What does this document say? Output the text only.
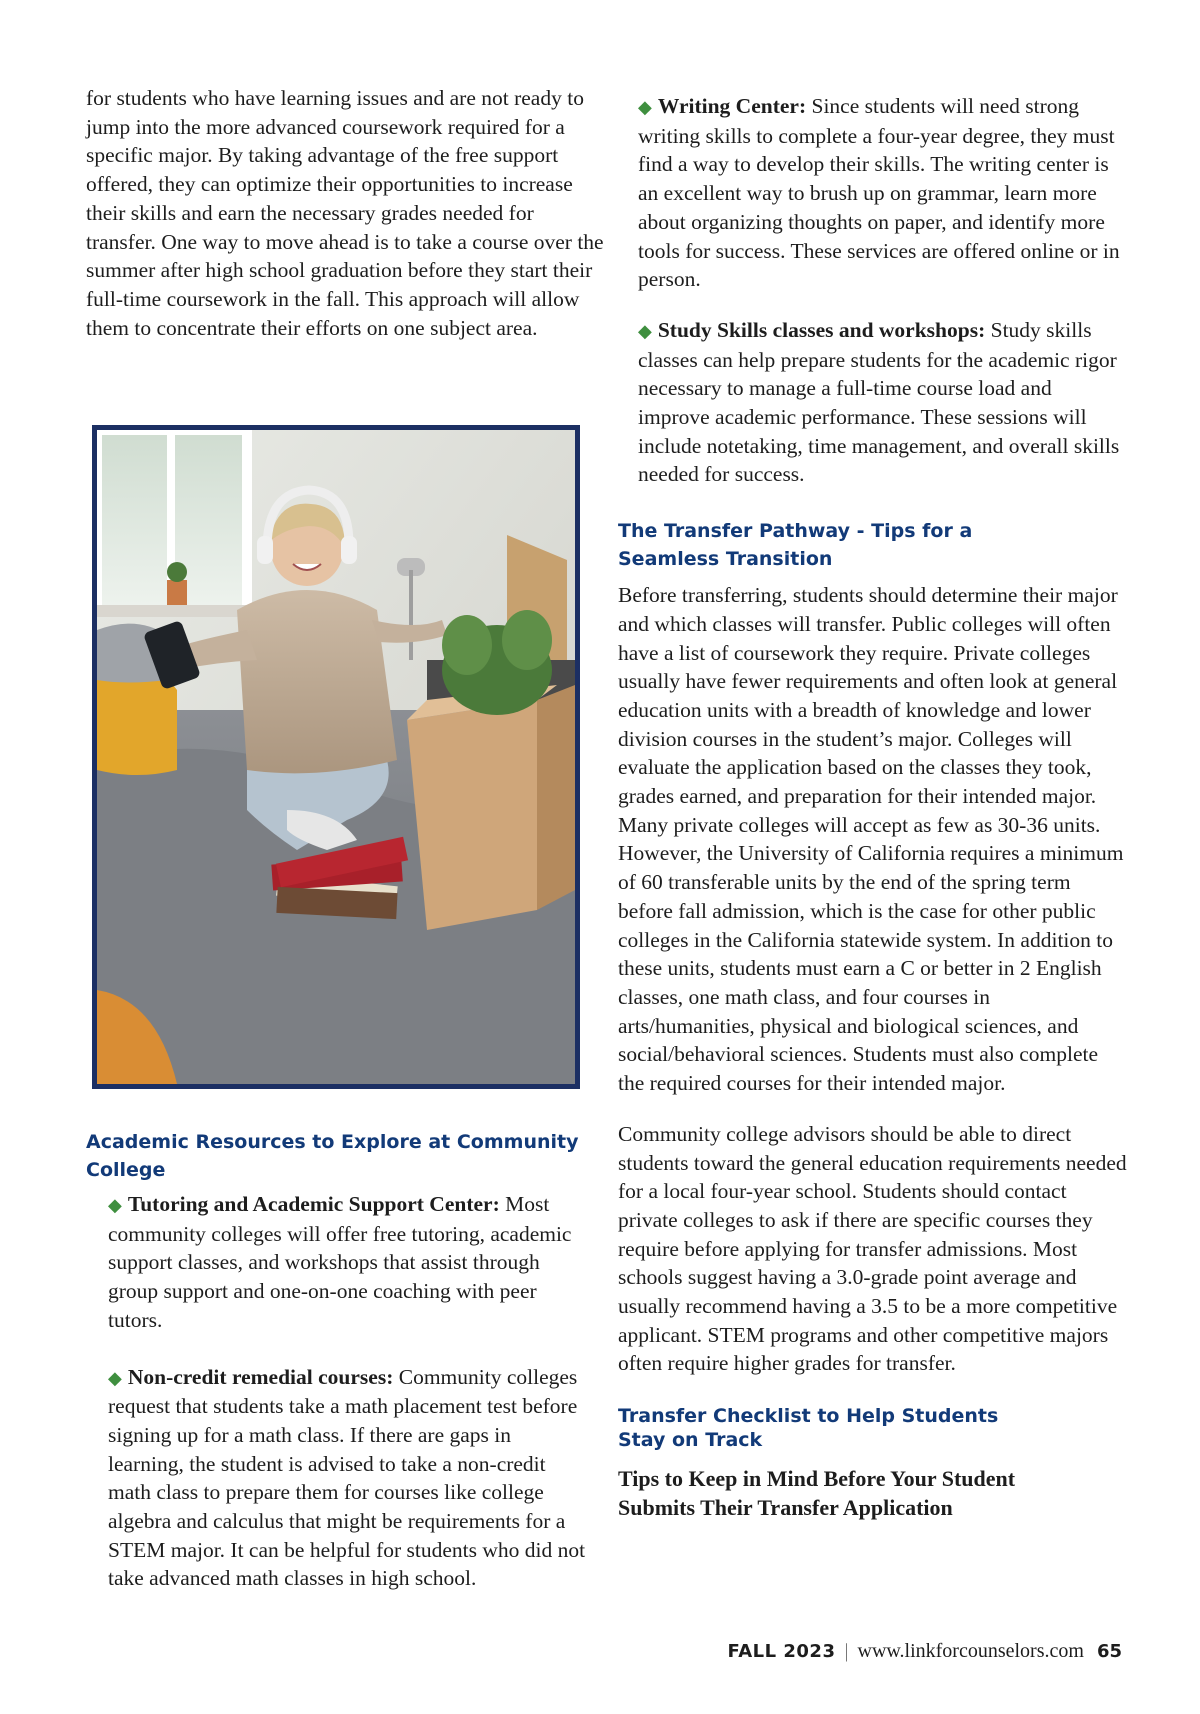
for students who have learning issues and are not ready to jump into the more advanced coursework required for a specific major. By taking advantage of the free support offered, they can optimize their opportunities to increase their skills and earn the necessary grades needed for transfer. One way to move ahead is to take a course over the summer after high school graduation before they start their full-time coursework in the fall. This approach will allow them to concentrate their efforts on one subject area.

Academic Resources to Explore at Community College
◆ Tutoring and Academic Support Center: Most community colleges will offer free tutoring, academic support classes, and workshops that assist through group support and one-on-one coaching with peer tutors.
◆ Non-credit remedial courses: Community colleges request that students take a math placement test before signing up for a math class. If there are gaps in learning, the student is advised to take a non-credit math class to prepare them for courses like college algebra and calculus that might be requirements for a STEM major. It can be helpful for students who did not take advanced math classes in high school.
◆ Writing Center: Since students will need strong writing skills to complete a four-year degree, they must find a way to develop their skills. The writing center is an excellent way to brush up on grammar, learn more about organizing thoughts on paper, and identify more tools for success. These services are offered online or in person.
◆ Study Skills classes and workshops: Study skills classes can help prepare students for the academic rigor necessary to manage a full-time course load and improve academic performance. These sessions will include notetaking, time management, and overall skills needed for success.
The Transfer Pathway - Tips for a Seamless Transition

Before transferring, students should determine their major and which classes will transfer. Public colleges will often have a list of coursework they require. Private colleges usually have fewer requirements and often look at general education units with a breadth of knowledge and lower division courses in the student’s major. Colleges will evaluate the application based on the classes they took, grades earned, and preparation for their intended major. Many private colleges will accept as few as 30-36 units. However, the University of California requires a minimum of 60 transferable units by the end of the spring term before fall admission, which is the case for other public colleges in the California statewide system. In addition to these units, students must earn a C or better in 2 English classes, one math class, and four courses in arts/humanities, physical and biological sciences, and social/behavioral sciences. Students must also complete the required courses for their intended major.

Community college advisors should be able to direct students toward the general education requirements needed for a local four-year school. Students should contact private colleges to ask if there are specific courses they require before applying for transfer admissions. Most schools suggest having a 3.0-grade point average and usually recommend having a 3.5 to be a more competitive applicant. STEM programs and other competitive majors often require higher grades for transfer.

Transfer Checklist to Help Students Stay on Track

Tips to Keep in Mind Before Your Student Submits Their Transfer Application

FALL 2023 | www.linkforcounselors.com 65
